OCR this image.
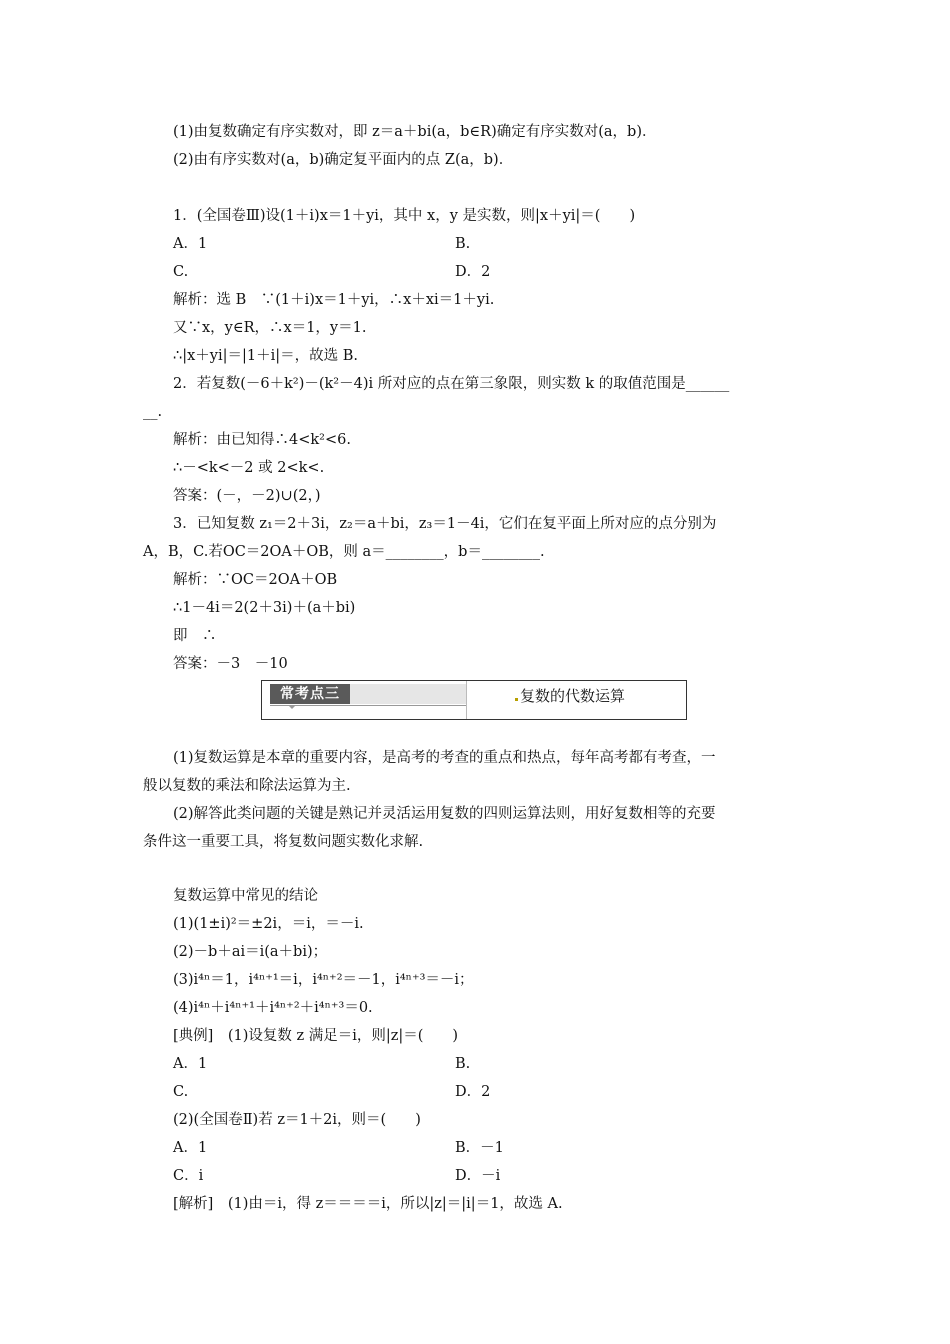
(1)由复数确定有序实数对，即 z＝a＋bi(a，b∈R)确定有序实数对(a，b)．
(2)由有序实数对(a，b)确定复平面内的点 Z(a，b)．
1．(全国卷Ⅲ)设(1＋i)x＝1＋yi，其中 x，y 是实数，则|x＋yi|＝(　　)
A．1	B.
C.	D．2
解析：选 B　∵(1＋i)x＝1＋yi，∴x＋xi＝1＋yi.
又∵x，y∈R，∴x＝1，y＝1.
∴|x＋yi|＝|1＋i|＝，故选 B.
2．若复数(－6＋k²)－(k²－4)i 所对应的点在第三象限，则实数 k 的取值范围是______
__.
解析：由已知得∴4<k²<6.
∴－<k<－2 或 2<k<.
答案：(－，－2)∪(2，)
3．已知复数 z₁＝2＋3i，z₂＝a＋bi，z₃＝1－4i，它们在复平面上所对应的点分别为
A，B，C.若OC＝2OA＋OB，则 a＝________，b＝________.
解析：∵OC＝2OA＋OB
∴1－4i＝2(2＋3i)＋(a＋bi)
即　∴
答案：－3　－10
常考点三	复数的代数运算
(1)复数运算是本章的重要内容，是高考的考查的重点和热点，每年高考都有考查，一
般以复数的乘法和除法运算为主.
(2)解答此类问题的关键是熟记并灵活运用复数的四则运算法则，用好复数相等的充要
条件这一重要工具，将复数问题实数化求解.
复数运算中常见的结论
(1)(1±i)²＝±2i，＝i，＝－i.
(2)－b＋ai＝i(a＋bi)；
(3)i⁴ⁿ＝1，i⁴ⁿ⁺¹＝i，i⁴ⁿ⁺²＝－1，i⁴ⁿ⁺³＝－i；
(4)i⁴ⁿ＋i⁴ⁿ⁺¹＋i⁴ⁿ⁺²＋i⁴ⁿ⁺³＝0.
[典例]　(1)设复数 z 满足＝i，则|z|＝(　　)
A．1	B.
C.	D．2
(2)(全国卷Ⅱ)若 z＝1＋2i，则＝(　　)
A．1	B．－1
C．i	D．－i
[解析]　(1)由＝i，得 z＝＝＝＝i，所以|z|＝|i|＝1，故选 A.
